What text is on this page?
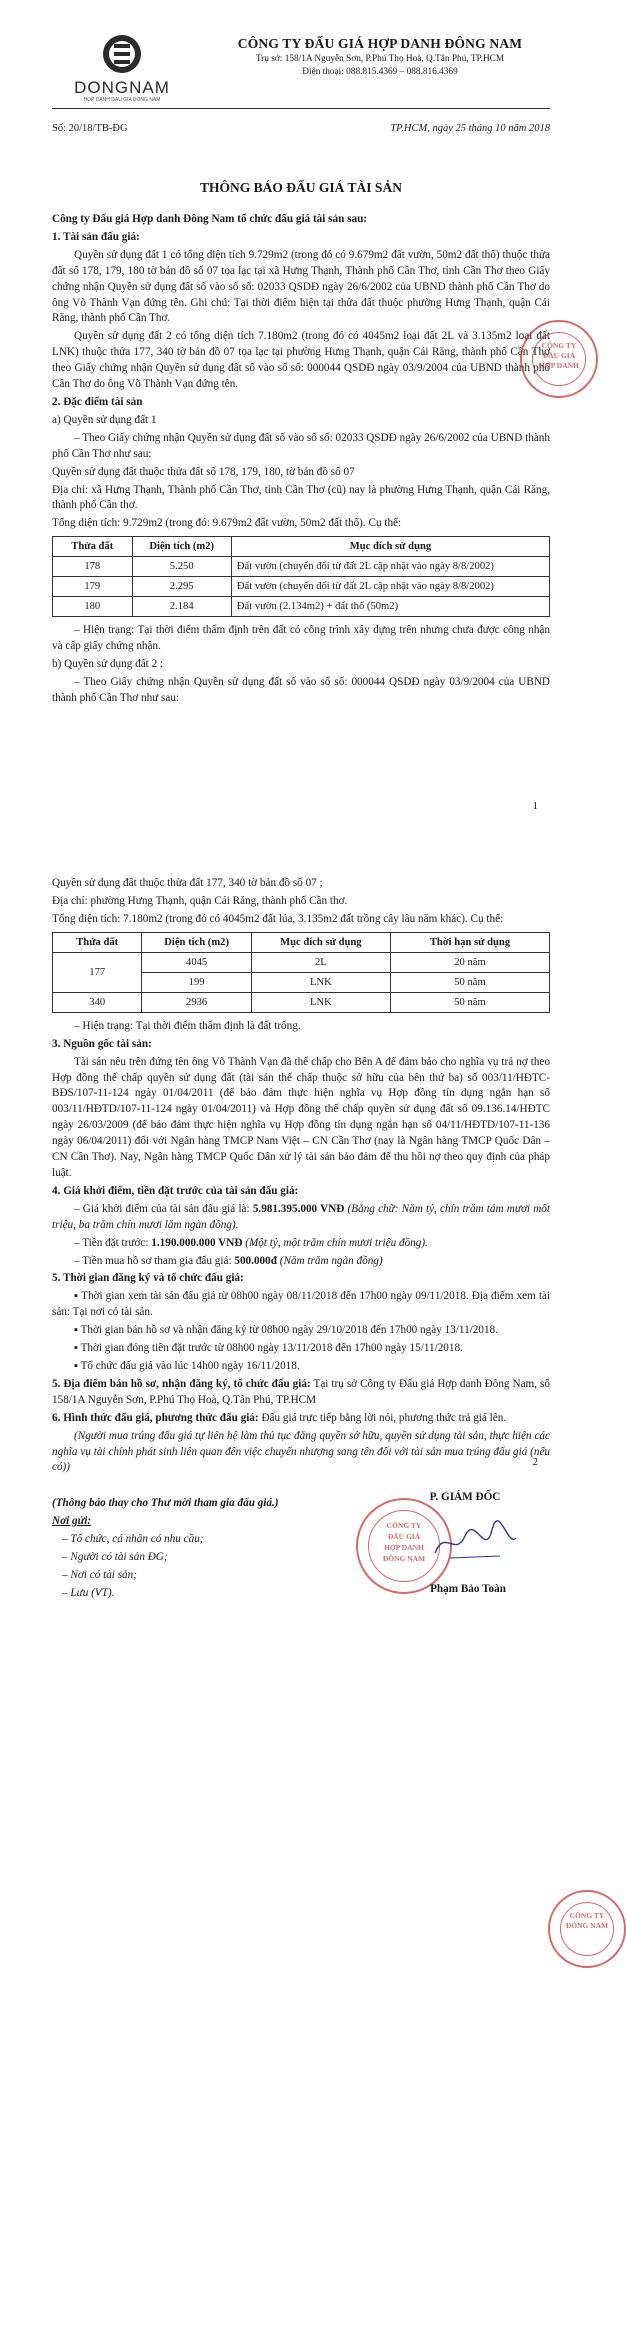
DONGNAM
HOP DANH DAU GIA DONG NAM
CÔNG TY ĐẤU GIÁ HỢP DANH ĐÔNG NAM
Trụ sở: 158/1A Nguyễn Sơn, P.Phú Thọ Hoà, Q.Tân Phú, TP.HCM
Điện thoại: 088.815.4369 – 088.816.4369
Số: 20/18/TB-ĐG	TP.HCM, ngày 25 tháng 10 năm 2018
THÔNG BÁO ĐẤU GIÁ TÀI SẢN

Công ty Đấu giá Hợp danh Đông Nam tổ chức đấu giá tài sản sau:

1. Tài sản đấu giá:

Quyền sử dụng đất 1 có tổng diện tích 9.729m2 (trong đó có 9.679m2 đất vườn, 50m2 đất thổ) thuộc thửa đất số 178, 179, 180 tờ bản đồ số 07 tọa lạc tại xã Hưng Thạnh, Thành phố Cần Thơ, tỉnh Cần Thơ theo Giấy chứng nhận Quyền sử dụng đất số vào sổ số: 02033 QSDĐ ngày 26/6/2002 của UBND thành phố Cần Thơ do ông Võ Thành Vạn đứng tên. Ghi chú: Tại thời điểm hiện tại thửa đất thuộc phường Hưng Thạnh, quận Cái Răng, thành phố Cần Thơ.

Quyền sử dụng đất 2 có tổng diện tích 7.180m2 (trong đó có 4045m2 loại đất 2L và 3.135m2 loại đất LNK) thuộc thửa 177, 340 tờ bản đồ 07 tọa lạc tại phường Hưng Thạnh, quận Cái Răng, thành phố Cần Thơ theo Giấy chứng nhận Quyền sử dụng đất số vào sổ số: 000044 QSDĐ ngày 03/9/2004 của UBND thành phố Cần Thơ do ông Võ Thành Vạn đứng tên.

2. Đặc điểm tài sản

a) Quyền sử dụng đất 1

– Theo Giấy chứng nhận Quyền sử dụng đất số vào sổ số: 02033 QSDĐ ngày 26/6/2002 của UBND thành phố Cần Thơ như sau:

Quyền sử dụng đất thuộc thửa đất số 178, 179, 180, tờ bản đồ số 07

Địa chỉ: xã Hưng Thạnh, Thành phố Cần Thơ, tỉnh Cần Thơ (cũ) nay là phường Hưng Thạnh, quận Cái Răng, thành phố Cần thơ.

Tổng diện tích: 9.729m2 (trong đó: 9.679m2 đất vườn, 50m2 đất thổ). Cụ thể:

Thửa đất	Diện tích (m2)	Mục đích sử dụng
178	5.250	Đất vườn (chuyển đổi từ đất 2L cập nhật vào ngày 8/8/2002)
179	2.295	Đất vườn (chuyển đổi từ đất 2L cập nhật vào ngày 8/8/2002)
180	2.184	Đất vườn (2.134m2) + đất thổ (50m2)

– Hiện trạng: Tại thời điểm thẩm định trên đất có công trình xây dựng trên nhưng chưa được công nhận và cấp giấy chứng nhận.

b) Quyền sử dụng đất 2 :

– Theo Giấy chứng nhận Quyền sử dụng đất số vào sổ số: 000044 QSDĐ ngày 03/9/2004 của UBND thành phố Cần Thơ như sau:

1
CÔNG TY
ĐẤU GIÁ
HỢP DANH

Quyền sử dụng đất thuộc thửa đất 177, 340 tờ bản đồ số 07 ;

Địa chỉ: phường Hưng Thạnh, quận Cái Răng, thành phố Cần thơ.

Tổng diện tích: 7.180m2 (trong đó có 4045m2 đất lúa, 3.135m2 đất trồng cây lâu năm khác). Cụ thể:

Thửa đất	Diện tích (m2)	Mục đích sử dụng	Thời hạn sử dụng
177	4045	2L	20 năm
	199	LNK	50 năm
340	2936	LNK	50 năm

– Hiện trạng: Tại thời điểm thẩm định là đất trống.

3. Nguồn gốc tài sản:

Tài sản nêu trên đứng tên ông Võ Thành Vạn đã thế chấp cho Bên A để đảm bảo cho nghĩa vụ trả nợ theo Hợp đồng thế chấp quyền sử dụng đất (tài sản thế chấp thuộc sở hữu của bên thứ ba) số 003/11/HĐTC-BĐS/107-11-124 ngày 01/04/2011 (để bảo đảm thực hiện nghĩa vụ Hợp đồng tín dụng ngắn hạn số 003/11/HĐTD/107-11-124 ngày 01/04/2011) và Hợp đồng thế chấp quyền sử dụng đất số 09.136.14/HĐTC ngày 26/03/2009 (để bảo đảm thực hiện nghĩa vụ Hợp đồng tín dụng ngắn hạn số 04/11/HĐTD/107-11-136 ngày 06/04/2011) đối với Ngân hàng TMCP Nam Việt – CN Cần Thơ (nay là Ngân hàng TMCP Quốc Dân – CN Cần Thơ). Nay, Ngân hàng TMCP Quốc Dân xử lý tài sản bảo đảm để thu hồi nợ theo quy định của pháp luật.

4. Giá khởi điểm, tiền đặt trước của tài sản đấu giá:

– Giá khởi điểm của tài sản đấu giá là: 5.981.395.000 VNĐ (Bằng chữ: Năm tỷ, chín trăm tám mươi mốt triệu, ba trăm chín mươi lăm ngàn đồng).

– Tiền đặt trước: 1.190.000.000 VNĐ (Một tỷ, một trăm chín mươi triệu đồng).

– Tiền mua hồ sơ tham gia đấu giá: 500.000đ (Năm trăm ngàn đồng)

5. Thời gian đăng ký và tổ chức đấu giá:

▪ Thời gian xem tài sản đấu giá từ 08h00 ngày 08/11/2018 đến 17h00 ngày 09/11/2018. Địa điểm xem tài sản: Tại nơi có tài sản.

▪ Thời gian bán hồ sơ và nhận đăng ký từ 08h00 ngày 29/10/2018 đến 17h00 ngày 13/11/2018.

▪ Thời gian đóng tiền đặt trước từ 08h00 ngày 13/11/2018 đến 17h00 ngày 15/11/2018.

▪ Tổ chức đấu giá vào lúc 14h00 ngày 16/11/2018.

5. Địa điểm bán hồ sơ, nhận đăng ký, tổ chức đấu giá: Tại trụ sở Công ty Đấu giá Hợp danh Đông Nam, số 158/1A Nguyễn Sơn, P.Phú Thọ Hoà, Q.Tân Phú, TP.HCM

6. Hình thức đấu giá, phương thức đấu giá: Đấu giá trực tiếp bằng lời nói, phương thức trả giá lên.

(Người mua trúng đấu giá tự liên hệ làm thủ tục đăng quyền sở hữu, quyền sử dụng tài sản, thực hiện các nghĩa vụ tài chính phát sinh liên quan đến việc chuyển nhượng sang tên đối với tài sản mua trúng đấu giá (nếu có))	2

(Thông báo thay cho Thư mời tham gia đấu giá.)

Nơi gửi:

– Tổ chức, cá nhân có nhu cầu;

– Người có tài sản ĐG;

– Nơi có tài sản;

– Lưu (VT).

P. GIÁM ĐỐC
CÔNG TY
ĐẤU GIÁ
HỢP DANH
ĐÔNG NAM
Phạm Bảo Toàn
CÔNG TY
ĐÔNG NAM
